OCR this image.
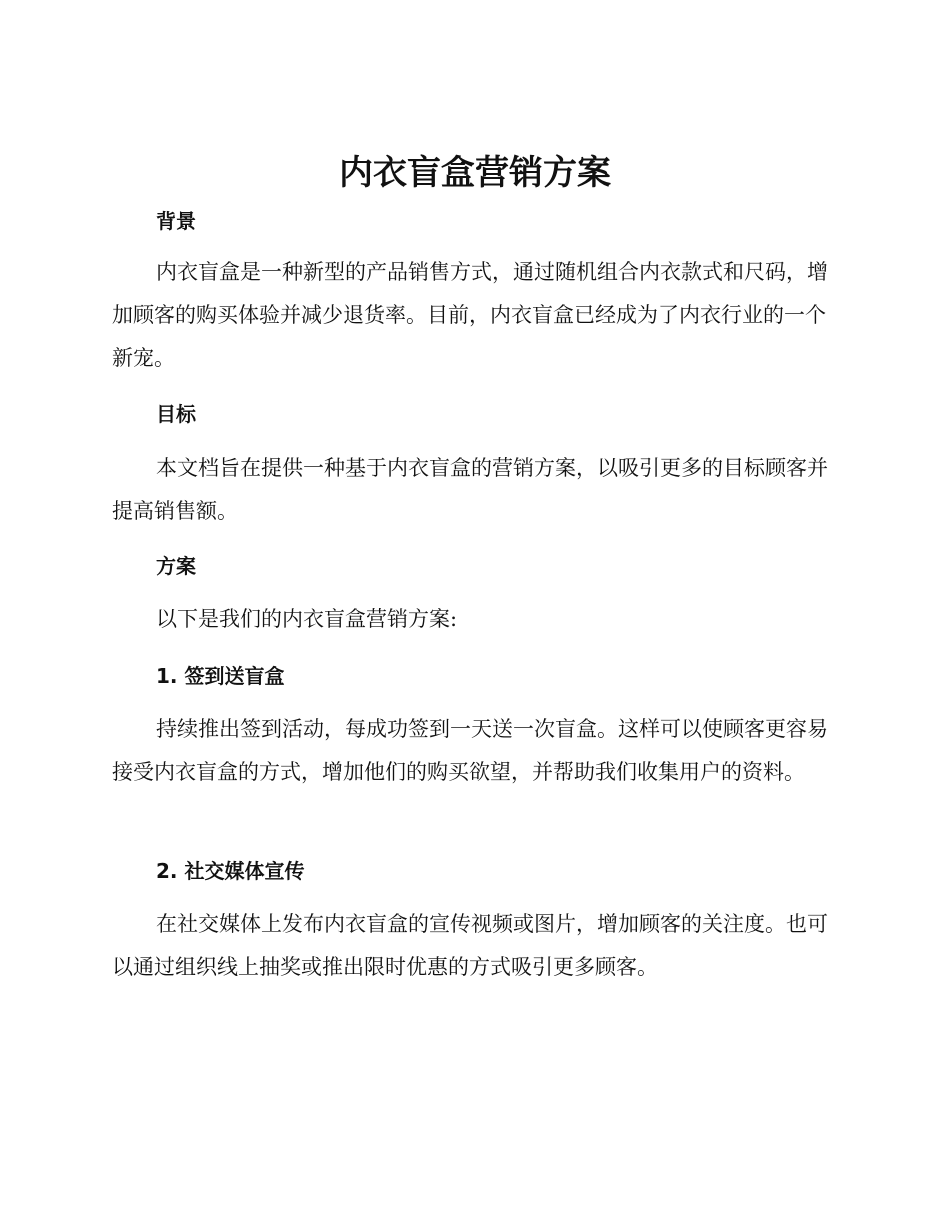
内衣盲盒营销方案
背景

内衣盲盒是一种新型的产品销售方式，通过随机组合内衣款式和尺码，增加顾客的购买体验并减少退货率。目前，内衣盲盒已经成为了内衣行业的一个新宠。

目标

本文档旨在提供一种基于内衣盲盒的营销方案，以吸引更多的目标顾客并提高销售额。

方案

以下是我们的内衣盲盒营销方案:

1. 签到送盲盒

持续推出签到活动，每成功签到一天送一次盲盒。这样可以使顾客更容易接受内衣盲盒的方式，增加他们的购买欲望，并帮助我们收集用户的资料。

2. 社交媒体宣传

在社交媒体上发布内衣盲盒的宣传视频或图片，增加顾客的关注度。也可以通过组织线上抽奖或推出限时优惠的方式吸引更多顾客。
